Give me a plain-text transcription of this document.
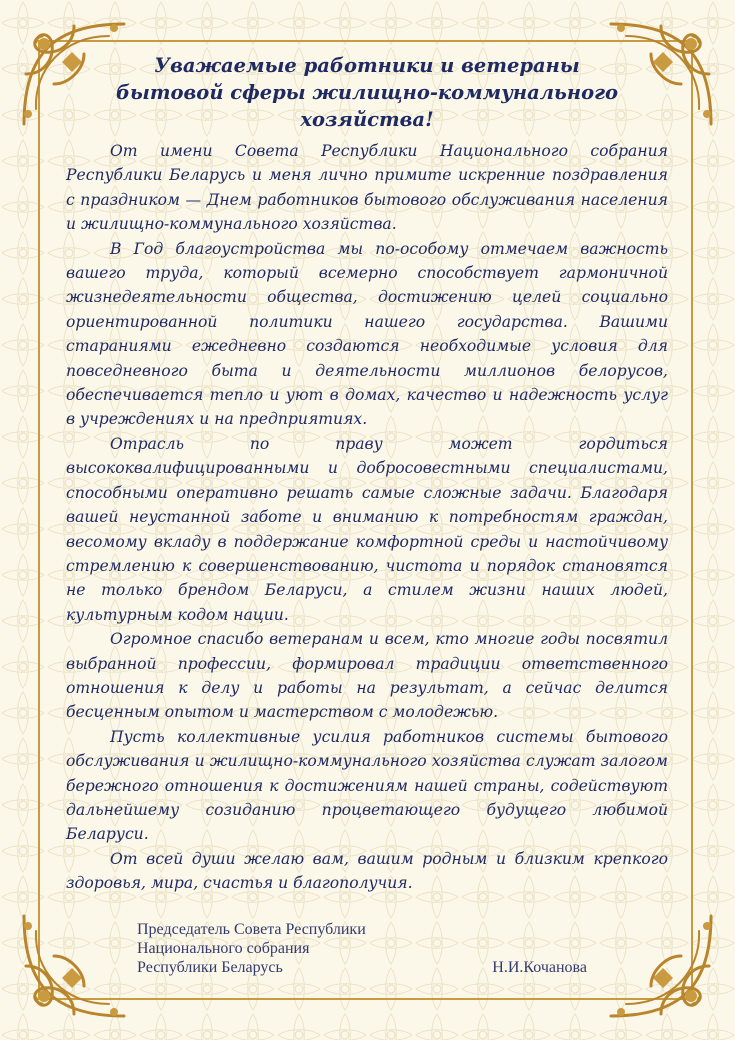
Уважаемые работники и ветераны
бытовой сферы жилищно-коммунального хозяйства!

От имени Совета Республики Национального собрания Республики Беларусь и меня лично примите искренние поздравления с праздником — Днем работников бытового обслуживания населения и жилищно-коммунального хозяйства.

В Год благоустройства мы по-особому отмечаем важность вашего труда, который всемерно способствует гармоничной жизнедеятельности общества, достижению целей социально ориентированной политики нашего государства. Вашими стараниями ежедневно создаются необходимые условия для повседневного быта и деятельности миллионов белорусов, обеспечивается тепло и уют в домах, качество и надежность услуг в учреждениях и на предприятиях.

Отрасль по праву может гордиться высококвалифицированными и добросовестными специалистами, способными оперативно решать самые сложные задачи. Благодаря вашей неустанной заботе и вниманию к потребностям граждан, весомому вкладу в поддержание комфортной среды и настойчивому стремлению к совершенствованию, чистота и порядок становятся не только брендом Беларуси, а стилем жизни наших людей, культурным кодом нации.

Огромное спасибо ветеранам и всем, кто многие годы посвятил выбранной профессии, формировал традиции ответственного отношения к делу и работы на результат, а сейчас делится бесценным опытом и мастерством с молодежью.

Пусть коллективные усилия работников системы бытового обслуживания и жилищно-коммунального хозяйства служат залогом бережного отношения к достижениям нашей страны, содействуют дальнейшему созиданию процветающего будущего любимой Беларуси.

От всей души желаю вам, вашим родным и близким крепкого здоровья, мира, счастья и благополучия.

Председатель Совета Республики
Национального собрания
Республики Беларусь	Н.И.Кочанова
